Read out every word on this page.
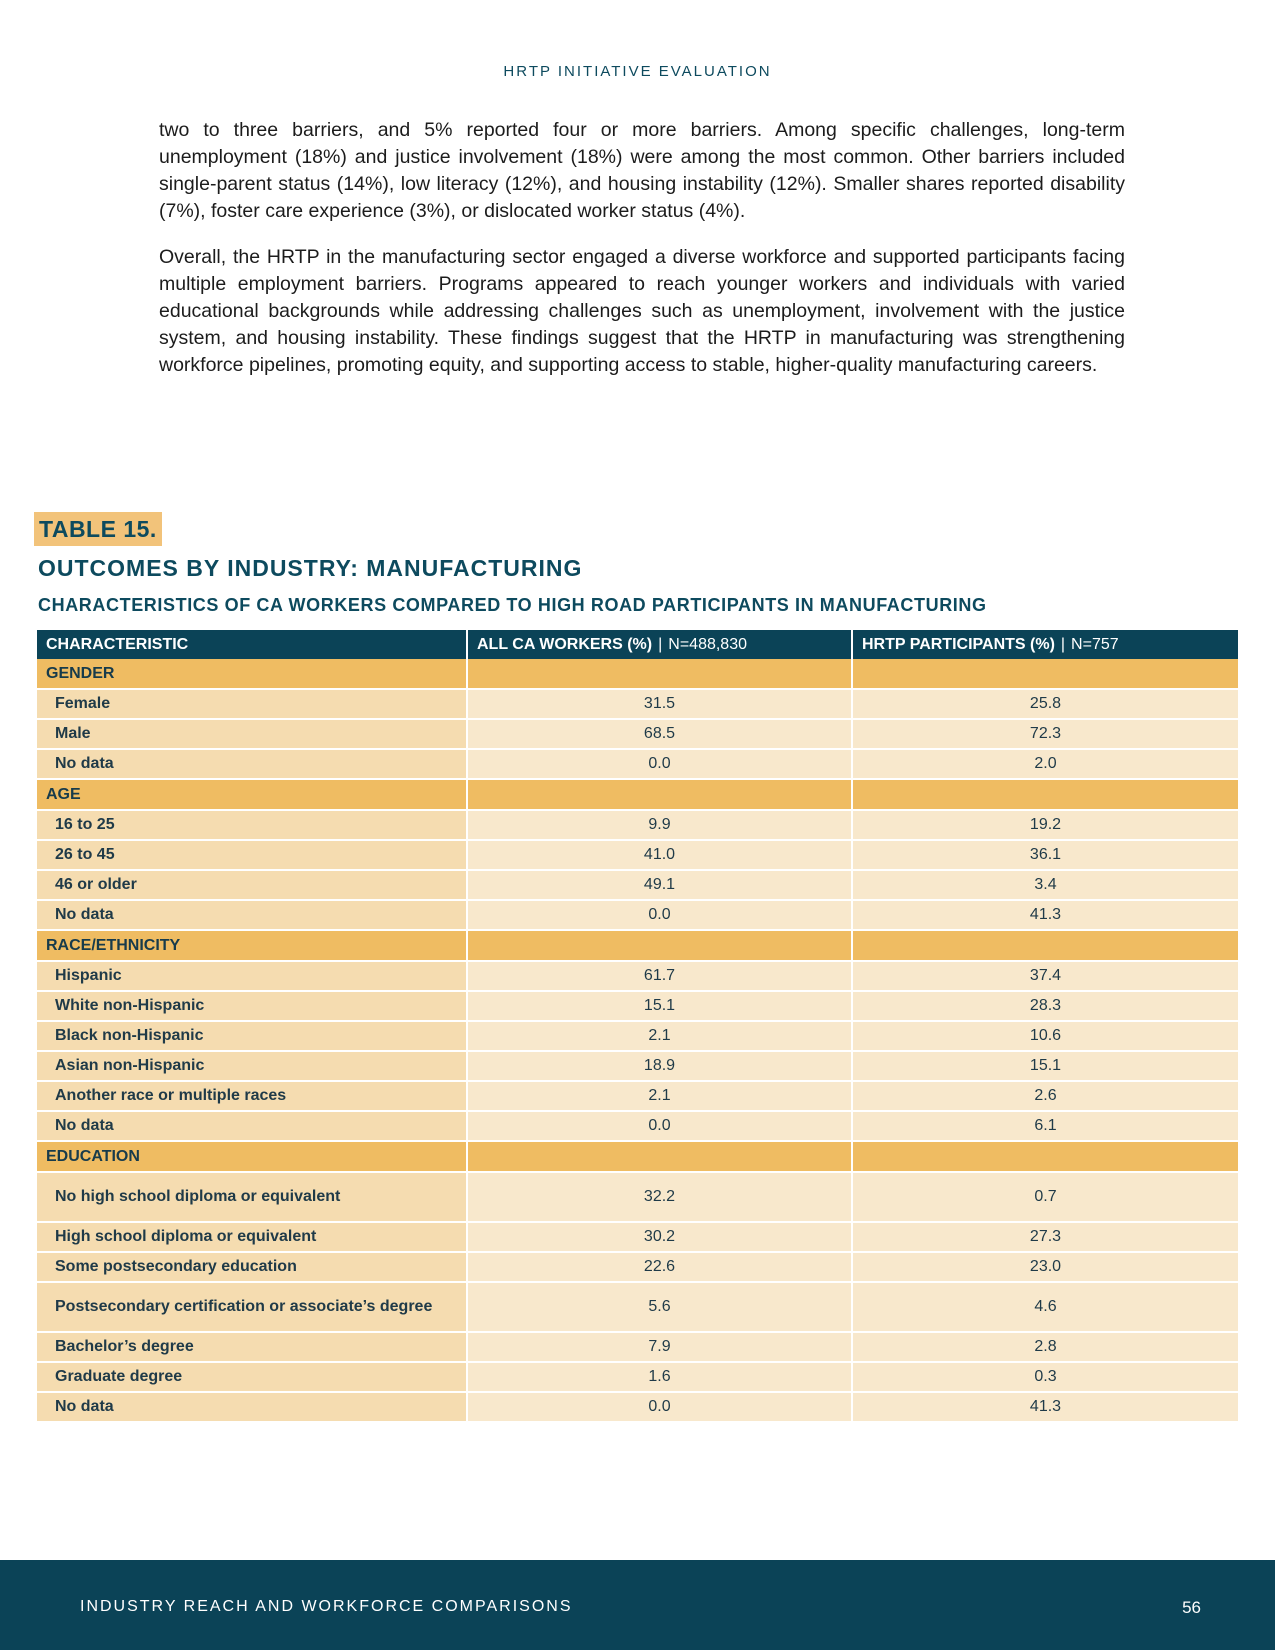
HRTP INITIATIVE EVALUATION

two to three barriers, and 5% reported four or more barriers. Among specific challenges, long-term unemployment (18%) and justice involvement (18%) were among the most common. Other barriers included single-parent status (14%), low literacy (12%), and housing instability (12%). Smaller shares reported disability (7%), foster care experience (3%), or dislocated worker status (4%).

Overall, the HRTP in the manufacturing sector engaged a diverse workforce and supported participants facing multiple employment barriers. Programs appeared to reach younger workers and individuals with varied educational backgrounds while addressing challenges such as unemployment, involvement with the justice system, and housing instability. These findings suggest that the HRTP in manufacturing was strengthening workforce pipelines, promoting equity, and supporting access to stable, higher-quality manufacturing careers.

TABLE 15.
OUTCOMES BY INDUSTRY: MANUFACTURING
CHARACTERISTICS OF CA WORKERS COMPARED TO HIGH ROAD PARTICIPANTS IN MANUFACTURING
CHARACTERISTIC	ALL CA WORKERS (%) | N=488,830	HRTP PARTICIPANTS (%) | N=757
GENDER		
Female	31.5	25.8
Male	68.5	72.3
No data	0.0	2.0
AGE		
16 to 25	9.9	19.2
26 to 45	41.0	36.1
46 or older	49.1	3.4
No data	0.0	41.3
RACE/ETHNICITY		
Hispanic	61.7	37.4
White non-Hispanic	15.1	28.3
Black non-Hispanic	2.1	10.6
Asian non-Hispanic	18.9	15.1
Another race or multiple races	2.1	2.6
No data	0.0	6.1
EDUCATION		
No high school diploma or equivalent	32.2	0.7
High school diploma or equivalent	30.2	27.3
Some postsecondary education	22.6	23.0
Postsecondary certification or associate’s degree	5.6	4.6
Bachelor’s degree	7.9	2.8
Graduate degree	1.6	0.3
No data	0.0	41.3
INDUSTRY REACH AND WORKFORCE COMPARISONS	56
